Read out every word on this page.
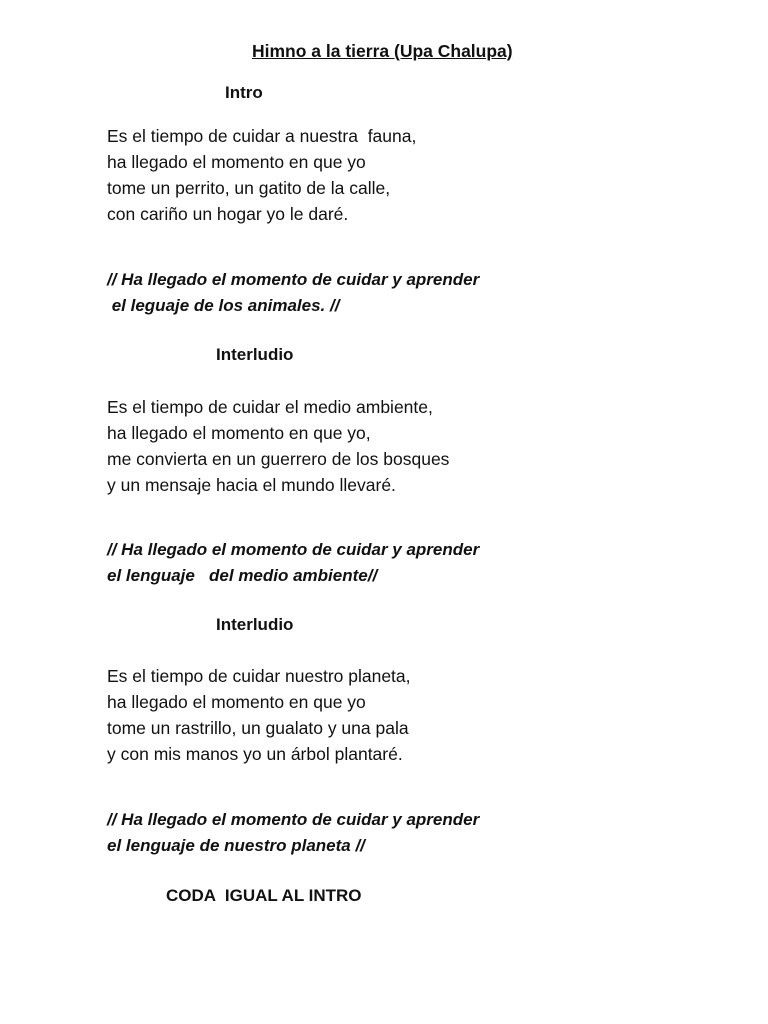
Himno a la tierra (Upa Chalupa)
Intro
Es el tiempo de cuidar a nuestra  fauna,
ha llegado el momento en que yo
tome un perrito, un gatito de la calle,
con cariño un hogar yo le daré.
// Ha llegado el momento de cuidar y aprender
el leguaje de los animales. //
Interludio
Es el tiempo de cuidar el medio ambiente,
ha llegado el momento en que yo,
me convierta en un guerrero de los bosques
y un mensaje hacia el mundo llevaré.
// Ha llegado el momento de cuidar y aprender
el lenguaje   del medio ambiente//
Interludio
Es el tiempo de cuidar nuestro planeta,
ha llegado el momento en que yo
tome un rastrillo, un gualato y una pala
y con mis manos yo un árbol plantaré.
// Ha llegado el momento de cuidar y aprender
el lenguaje de nuestro planeta //
CODA  IGUAL AL INTRO
